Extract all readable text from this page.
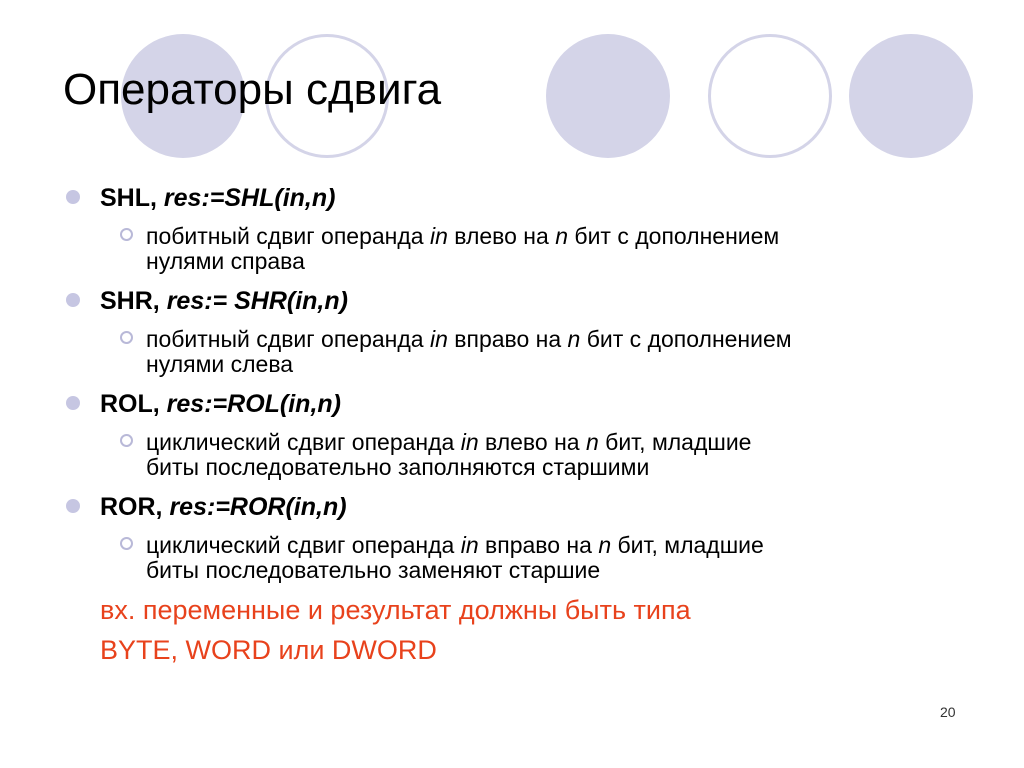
Операторы сдвига
SHL, res:=SHL(in,n)
побитный сдвиг операнда in влево на n бит с дополнением
нулями справа
SHR, res:= SHR(in,n)
побитный сдвиг операнда in вправо на n бит с дополнением
нулями слева
ROL, res:=ROL(in,n)
циклический сдвиг операнда in влево на n бит, младшие
биты последовательно заполняются старшими
ROR, res:=ROR(in,n)
циклический сдвиг операнда in вправо на n бит, младшие
биты последовательно заменяют старшие
вх. переменные и результат должны быть типа
BYTE, WORD или DWORD
20
